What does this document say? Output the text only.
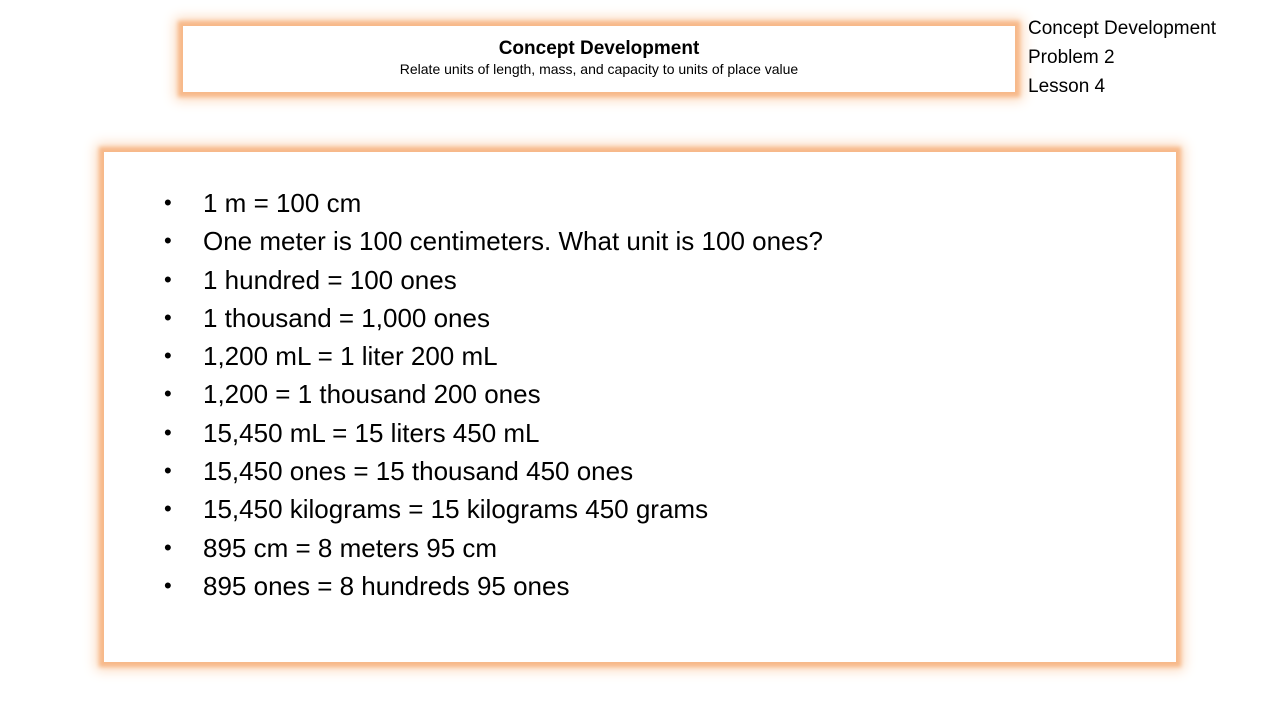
Concept Development
Relate units of length, mass, and capacity to units of place value
Concept Development
Problem 2
Lesson 4
• 1 m = 100 cm
• One meter is 100 centimeters. What unit is 100 ones?
• 1 hundred = 100 ones
• 1 thousand = 1,000 ones
• 1,200 mL = 1 liter 200 mL
• 1,200 = 1 thousand 200 ones
• 15,450 mL = 15 liters 450 mL
• 15,450 ones = 15 thousand 450 ones
• 15,450 kilograms = 15 kilograms 450 grams
• 895 cm = 8 meters 95 cm
• 895 ones = 8 hundreds 95 ones
